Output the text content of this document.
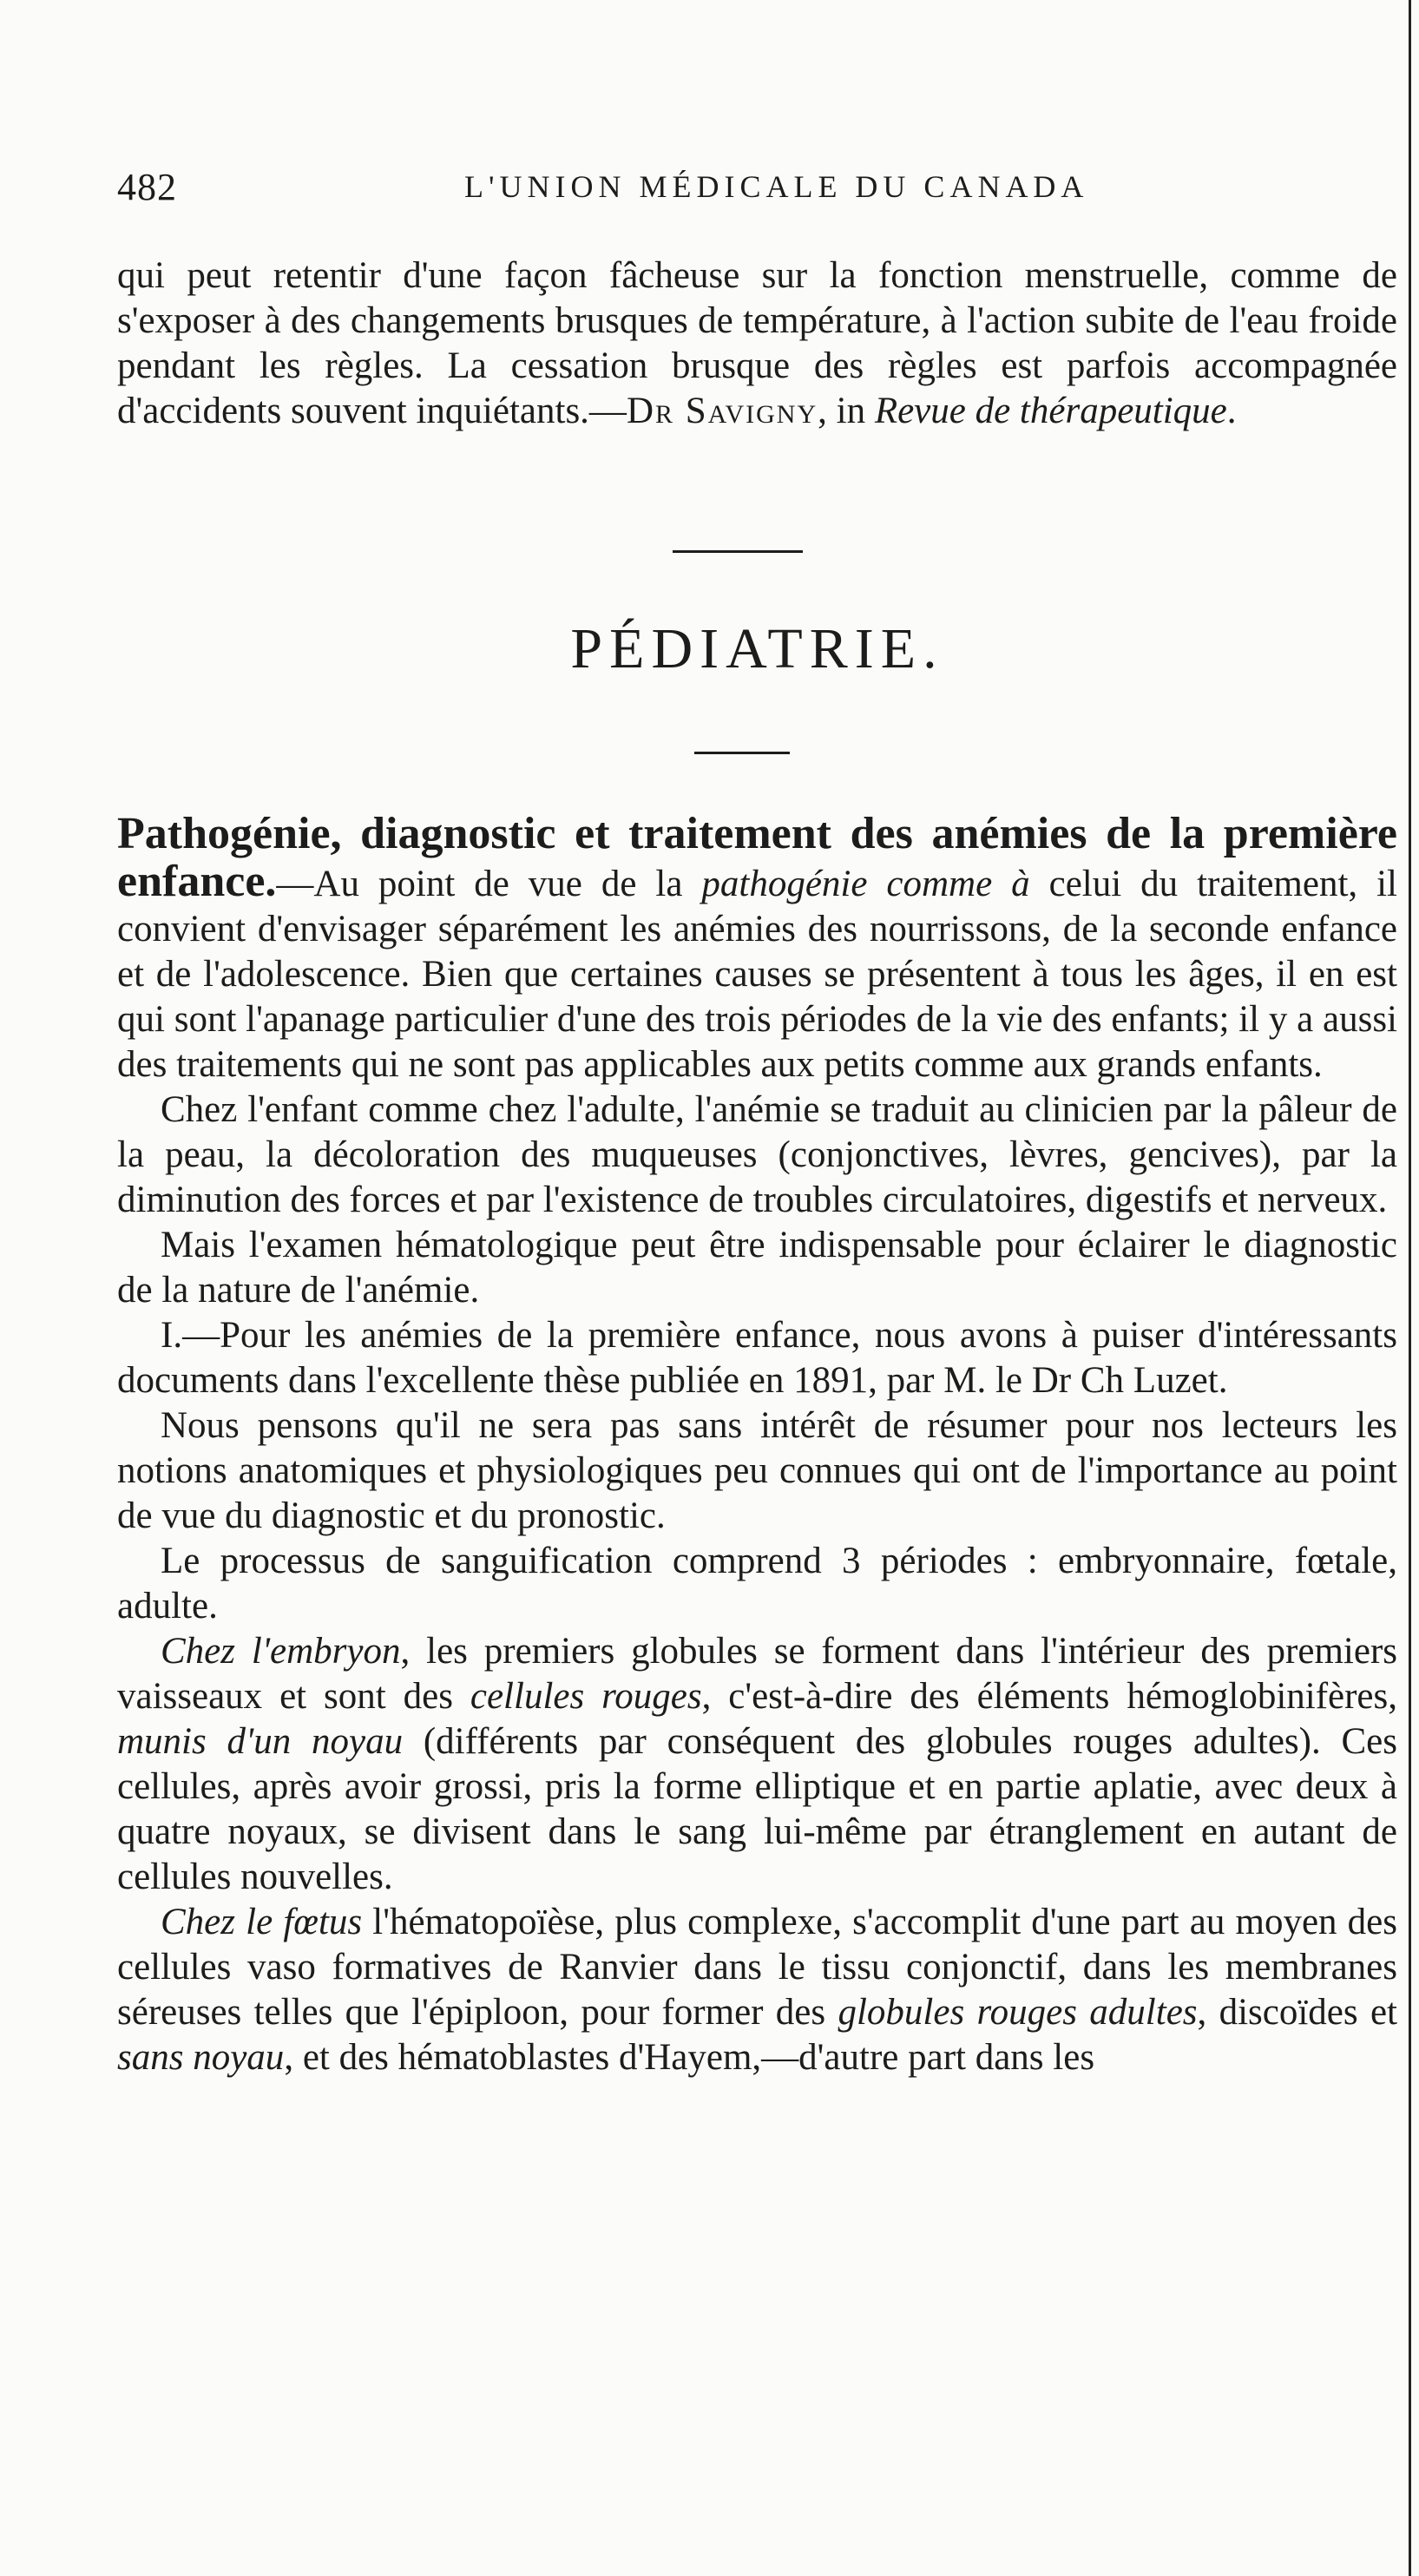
482	L'UNION MÉDICALE DU CANADA

qui peut retentir d'une façon fâcheuse sur la fonction menstruelle, comme de s'exposer à des changements brusques de température, à l'action subite de l'eau froide pendant les règles. La cessation brusque des règles est parfois accompagnée d'accidents souvent inquiétants.—Dr Savigny, in Revue de thérapeutique.

PÉDIATRIE.

Pathogénie, diagnostic et traitement des anémies de la première enfance.—Au point de vue de la pathogénie comme à celui du traitement, il convient d'envisager séparément les anémies des nourrissons, de la seconde enfance et de l'adolescence. Bien que certaines causes se présentent à tous les âges, il en est qui sont l'apanage particulier d'une des trois périodes de la vie des enfants; il y a aussi des traitements qui ne sont pas applicables aux petits comme aux grands enfants.

Chez l'enfant comme chez l'adulte, l'anémie se traduit au clinicien par la pâleur de la peau, la décoloration des muqueuses (conjonctives, lèvres, gencives), par la diminution des forces et par l'existence de troubles circulatoires, digestifs et nerveux.

Mais l'examen hématologique peut être indispensable pour éclairer le diagnostic de la nature de l'anémie.

I.—Pour les anémies de la première enfance, nous avons à puiser d'intéressants documents dans l'excellente thèse publiée en 1891, par M. le Dr Ch Luzet.

Nous pensons qu'il ne sera pas sans intérêt de résumer pour nos lecteurs les notions anatomiques et physiologiques peu connues qui ont de l'importance au point de vue du diagnostic et du pronostic.

Le processus de sanguification comprend 3 périodes : embryonnaire, fœtale, adulte.

Chez l'embryon, les premiers globules se forment dans l'intérieur des premiers vaisseaux et sont des cellules rouges, c'est-à-dire des éléments hémoglobinifères, munis d'un noyau (différents par conséquent des globules rouges adultes). Ces cellules, après avoir grossi, pris la forme elliptique et en partie aplatie, avec deux à quatre noyaux, se divisent dans le sang lui-même par étranglement en autant de cellules nouvelles.

Chez le fœtus l'hématopoïèse, plus complexe, s'accomplit d'une part au moyen des cellules vaso formatives de Ranvier dans le tissu conjonctif, dans les membranes séreuses telles que l'épiploon, pour former des globules rouges adultes, discoïdes et sans noyau, et des hématoblastes d'Hayem,—d'autre part dans les
